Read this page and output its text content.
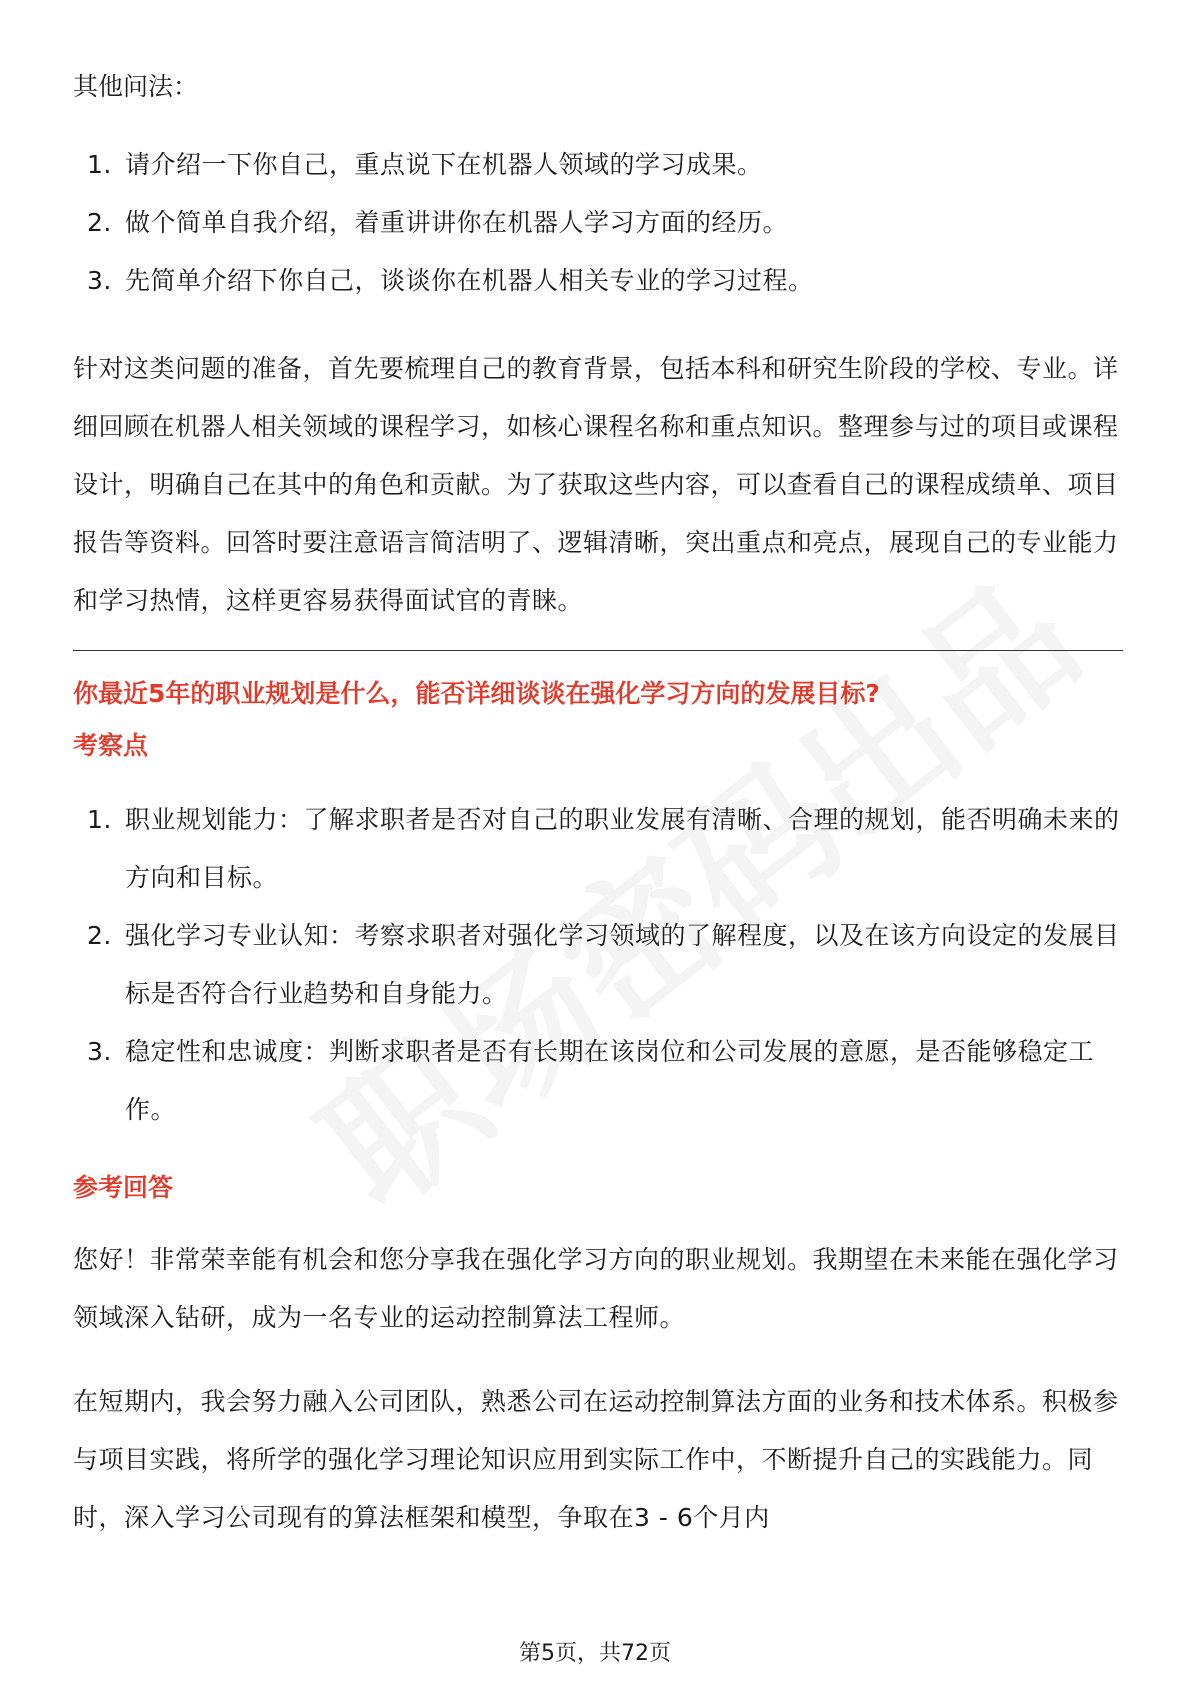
其他问法：

1. 请介绍一下你自己，重点说下在机器人领域的学习成果。
2. 做个简单自我介绍，着重讲讲你在机器人学习方面的经历。
3. 先简单介绍下你自己，谈谈你在机器人相关专业的学习过程。

针对这类问题的准备，首先要梳理自己的教育背景，包括本科和研究生阶段的学校、专业。详细回顾在机器人相关领域的课程学习，如核心课程名称和重点知识。整理参与过的项目或课程设计，明确自己在其中的角色和贡献。为了获取这些内容，可以查看自己的课程成绩单、项目报告等资料。回答时要注意语言简洁明了、逻辑清晰，突出重点和亮点，展现自己的专业能力和学习热情，这样更容易获得面试官的青睐。

你最近5年的职业规划是什么，能否详细谈谈在强化学习方向的发展目标?

考察点

1. 职业规划能力：了解求职者是否对自己的职业发展有清晰、合理的规划，能否明确未来的方向和目标。
2. 强化学习专业认知：考察求职者对强化学习领域的了解程度，以及在该方向设定的发展目标是否符合行业趋势和自身能力。
3. 稳定性和忠诚度：判断求职者是否有长期在该岗位和公司发展的意愿，是否能够稳定工作。

参考回答

您好！非常荣幸能有机会和您分享我在强化学习方向的职业规划。我期望在未来能在强化学习领域深入钻研，成为一名专业的运动控制算法工程师。

在短期内，我会努力融入公司团队，熟悉公司在运动控制算法方面的业务和技术体系。积极参与项目实践，将所学的强化学习理论知识应用到实际工作中，不断提升自己的实践能力。同时，深入学习公司现有的算法框架和模型，争取在3 - 6个月内

第5页，共72页
